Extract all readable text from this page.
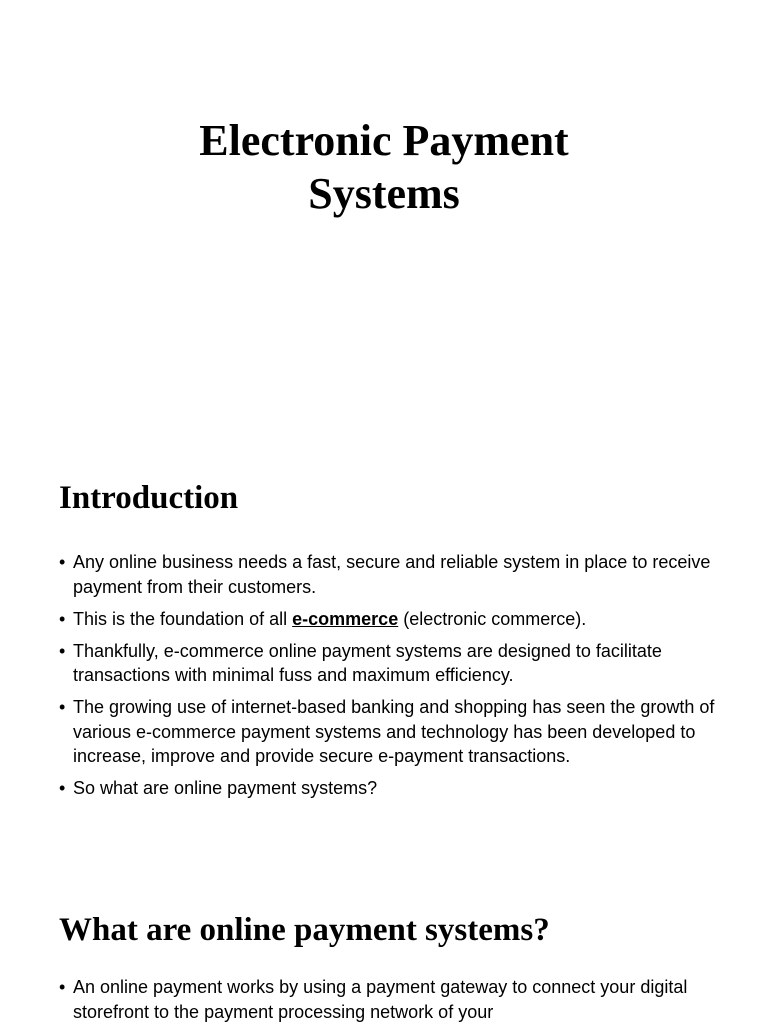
Electronic Payment
Systems
Introduction
• Any online business needs a fast, secure and reliable system in place to receive payment from their customers.
• This is the foundation of all e-commerce (electronic commerce).
• Thankfully, e-commerce online payment systems are designed to facilitate transactions with minimal fuss and maximum efficiency.
• The growing use of internet-based banking and shopping has seen the growth of various e-commerce payment systems and technology has been developed to increase, improve and provide secure e-payment transactions.
• So what are online payment systems?
What are online payment systems?
• An online payment works by using a payment gateway to connect your digital storefront to the payment processing network of your
